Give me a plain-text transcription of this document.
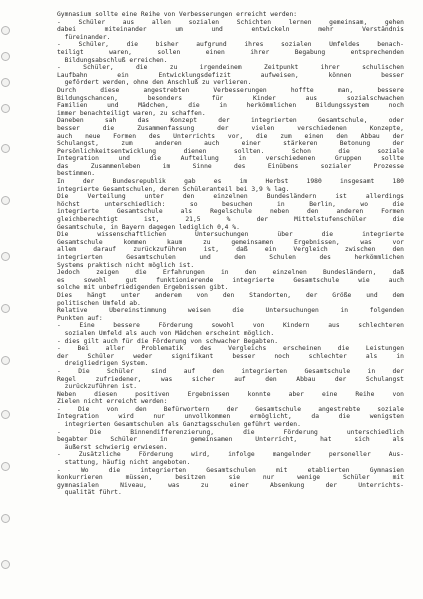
Gymnasium sollte eine Reihe von Verbesserungen erreicht werden:
- Schüler aus allen sozialen Schichten lernen gemeinsam, gehen
dabei miteinander um und entwickeln mehr Verständnis
füreinander.
- Schüler, die bisher aufgrund ihres sozialen Umfeldes benach-
teiligt waren, sollen einen ihrer Begabung entsprechenden
Bildungsabschluß erreichen.
- Schüler, die zu irgendeinem Zeitpunkt ihrer schulischen
Laufbahn ein Entwicklungsdefizit aufweisen, können besser
gefördert werden, ohne den Anschluß zu verlieren.
Durch diese angestrebten Verbesserungen hoffte man, bessere
Bildungschancen, besonders für Kinder aus sozialschwachen
Familien und Mädchen, die in herkömmlichen Bildungssystem noch
immer benachteiligt waren, zu schaffen.
Daneben sah das Konzept der integrierten Gesamtschule, oder
besser die Zusammenfassung der vielen verschiedenen Konzepte,
auch neue Formen des Unterrichts vor, die zum einen den Abbau der
Schulangst, zum anderen auch einer stärkeren Betonung der
Persönlichkeitsentwicklung dienen sollten. Schon die soziale
Integration und die Aufteilung in verschiedenen Gruppen sollte
das Zusammenleben im Sinne des Einübens sozialer Prozesse
bestimmen.
In der Bundesrepublik gab es im Herbst 1980 insgesamt 180
integrierte Gesamtschulen, deren Schüleranteil bei 3,9 % lag.
Die Verteilung unter den einzelnen Bundesländern ist allerdings
höchst unterschiedlich: so besuchen in Berlin, wo die
integrierte Gesamtschule als Regelschule neben den anderen Formen
gleichberechtigt ist, 21,5 % der Mittelstufenschüler die
Gesamtschule, in Bayern dagegen lediglich 0,4 %.
Die wissenschaftlichen Untersuchungen über die integrierte
Gesamtschule kommen kaum zu gemeinsamen Ergebnissen, was vor
allem darauf zurückzuführen ist, daß ein Vergleich zwischen den
integrierten Gesamtschulen und den Schulen des herkömmlichen
Systems praktisch nicht möglich ist.
Jedoch zeigen die Erfahrungen in den einzelnen Bundesländern, daß
es sowohl gut funktionierende integrierte Gesamtschule wie auch
solche mit unbefriedigenden Ergebnissen gibt.
Dies hängt unter anderem von den Standorten, der Größe und dem
politischen Umfeld ab.
Relative Übereinstimmung weisen die Untersuchungen in folgenden
Punkten auf:
- Eine bessere Förderung sowohl von Kindern aus schlechteren
sozialen Umfeld als auch von Mädchen erscheint möglich.
- dies gilt auch für die Förderung von schwacher Begabten.
- Bei aller Problematik des Vergleichs erscheinen die Leistungen
der Schüler weder signifikant besser noch schlechter als in
dreigliedrigen System.
- Die Schüler sind auf den integrierten Gesamtschule in der
Regel zufriedener, was sicher auf den Abbau der Schulangst
zurückzuführen ist.
Neben diesen positiven Ergebnissen konnte aber eine Reihe von
Zielen nicht erreicht werden:
- Die von den Befürwortern der Gesamtschule angestrebte soziale
Integration wird nur unvollkommen ermöglicht, da die wenigsten
integrierten Gesamtschulen als Ganztagsschulen geführt werden.
- Die Binnendifferenzierung, die Förderung unterschiedlich
begabter Schüler in gemeinsamen Unterricht, hat sich als
äußerst schwierig erwiesen.
- Zusätzliche Förderung wird, infolge mangelnder personeller Aus-
stattung, häufig nicht angeboten.
- Wo die integrierten Gesamtschulen mit etablierten Gymnasien
konkurrieren müssen, besitzen sie nur wenige Schüler mit
gymnasialen Niveau, was zu einer Absenkung der Unterrichts-
qualität führt.
